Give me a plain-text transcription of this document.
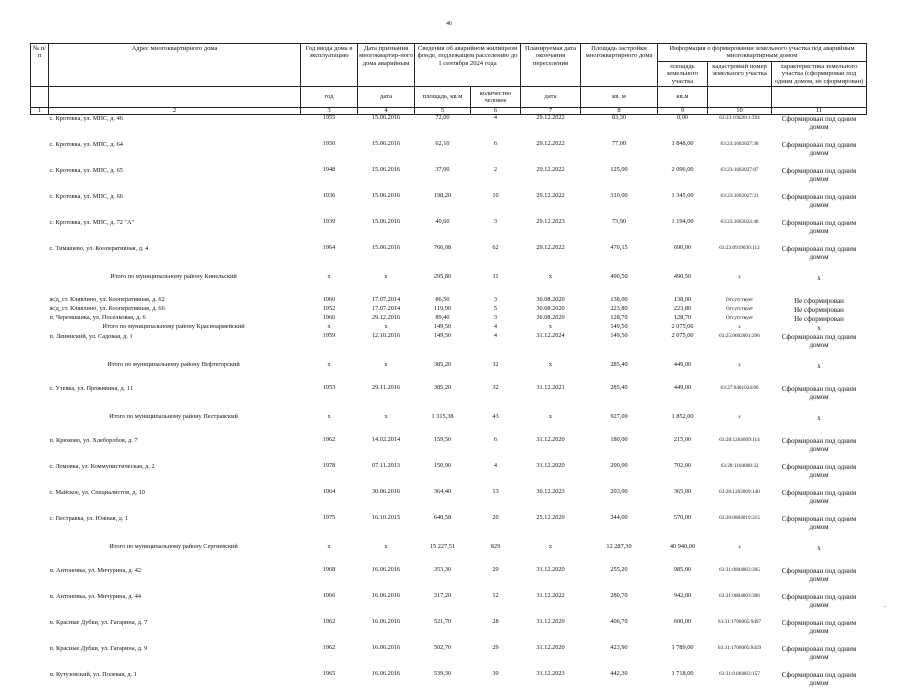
46
№ п/п	Адрес многоквартирного дома	Год ввода дома в эксплуатацию	Дата признания многоквартир-ного дома аварийным	Сведения об аварийном жилищном фонде, подлежащем расселению до 1 сентября 2024 года		Планируемая дата окончания переселения	Площадь застройки многоквартирного дома	Информация о формировании земельного участка под аварийным многоквартирным домом		
								площадь земельного участка	кадастровый номер земельного участка	характеристика земельного участка (сформирован под одним домом, не сформирован)
		год	дата	площадь, кв.м	количество человек	дата	кв. м	кв.м		
1	2	3	4	5	6	7	8	9	10	11
	с. Кротовка, ул. МПС, д. 46	1955	15.06.2016	72,00	4	29.12.2022	83,30	0,00	63:23:1602011:394	Сформирован под одним домом
	с. Кротовка, ул. МПС, д. 64	1950	15.06.2016	62,10	6	29.12.2022	77,00	1 848,00	63:23:1602027:38	Сформирован под одним домом
	с. Кротовка, ул. МПС, д. 65	1948	15.06.2016	37,00	2	29.12.2022	125,00	2 096,00	63:23:1602027:87	Сформирован под одним домом
	с. Кротовка, ул. МПС, д. 66	1936	15.06.2016	198,20	10	29.12.2022	310,00	1 345,00	63:23:1602027:31	Сформирован под одним домом
	с. Кротовка, ул. МПС, д. 72 "А"	1939	15.06.2016	40,60	3	29.12.2023	73,90	1 194,00	63:23:1602024:40	Сформирован под одним домом
	с. Тимашево, ул. Кооперативная, д. 4	1964	15.06.2016	766,08	62	29.12.2022	470,15	690,00	63:23:0919030:112	Сформирован под одним домом
	Итого по муниципальному району Кинельский	x	x	295,80	11	x	490,50	490,50	x	x
	ж/д_ст. Клявлино, ул. Кооперативная, д. 62	1960	17.07.2014	86,50	3	30.08.2020	138,00	138,00	Отсутствует	Не сформирован
	ж/д_ст. Клявлино, ул. Кооперативная, д. 66	1952	17.07.2014	119,90	5	30.08.2020	223,80	223,80	Отсутствует	Не сформирован
	п. Черемшанка, ул. Поселковая, д. 6	1960	29.12.2016	89,40	3	30.08.2020	128,70	128,70	Отсутствует	Не сформирован
	Итого по муниципальному району Красноармейский	x	x	149,50	4	x	149,50	2 075,00	x	x
	п. Ленинский, ул. Садовая, д. 1	1959	12.10.2016	149,50	4	31.12.2024	149,50	2 075,00	63:25:0602001:296	Сформирован под одним домом
	Итого по муниципальному району Нефтегорский	x	x	385,20	32	x	285,40	449,00	x	x
	с. Утевка, ул. Проживина, д. 11	1953	29.11.2016	385,20	32	31.12.2021	285,40	449,00	63:27:0401024:66	Сформирован под одним домом
	Итого по муниципальному району Пестравский	x	x	1 315,38	43	x	927,00	1 852,00	x	x
	п. Крюково, ул. Хлеборобов, д. 7	1962	14.02.2014	159,50	6	31.12.2020	180,00	215,00	63:28:1204009:114	Сформирован под одним домом
	с. Ломовка, ул. Коммунистическая, д. 2	1978	07.11.2013	150,90	4	31.12.2020	200,00	702,00	63:28:1104008:32	Сформирован под одним домом
	с. Майское, ул. Специалистов, д. 10	1964	30.06.2016	364,40	13	30.12.2023	203,00	365,00	63:28:1202009:140	Сформирован под одним домом
	с. Пестравка, ул. Южная, д. 1	1975	16.10.2015	640,58	20	25.12.2020	344,00	570,00	63:28:0804019:315	Сформирован под одним домом
	Итого по муниципальному району Сергиевский	x	x	15 227,51	829	x	12 287,30	40 940,00	x	x
	п. Антоновка, ул. Мичурина, д. 42	1968	16.06.2016	353,30	20	31.12.2020	255,20	985,00	63:31:0804003:305	Сформирован под одним домом
	п. Антоновка, ул. Мичурина, д. 44	1966	16.06.2016	317,20	12	31.12.2022	280,70	942,00	63:31:0804003:306	Сформирован под одним домом
	п. Красные Дубки, ул. Гагарина, д. 7	1962	16.06.2016	521,70	28	31.12.2020	406,70	600,00	63:31:1706005:9497	Сформирован под одним домом
	п. Красные Дубки, ул. Гагарина, д. 9	1962	16.06.2016	502,70	29	31.12.2020	423,90	1 789,00	63:31:1706005:9459	Сформирован под одним домом
	п. Кутузовский, ул. Полевая, д. 1	1965	16.06.2016	539,30	30	31.12.2023	442,30	1 718,00	63:31:0106003:157	Сформирован под одним домом
-
